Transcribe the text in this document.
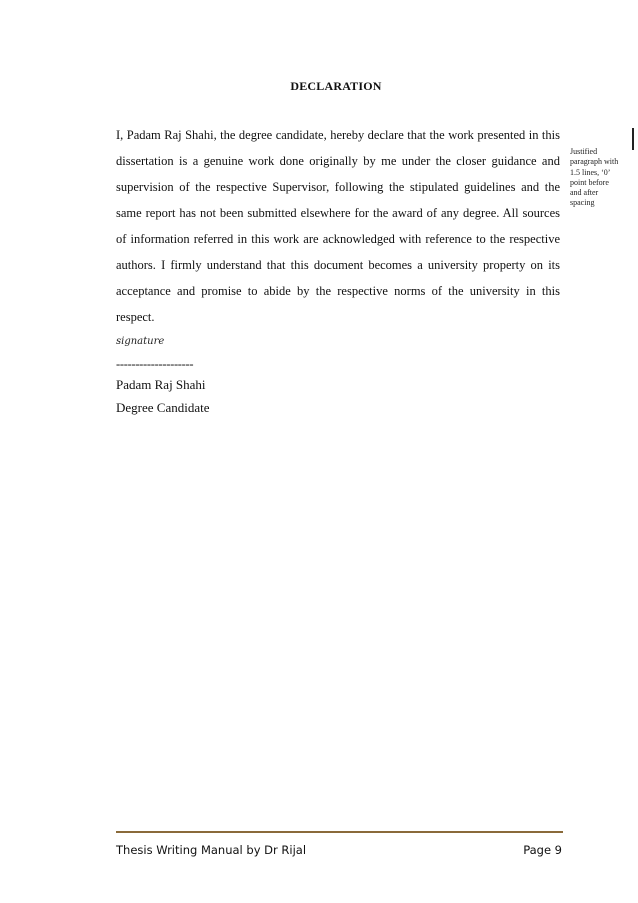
DECLARATION

I, Padam Raj Shahi, the degree candidate, hereby declare that the work presented in this dissertation is a genuine work done originally by me under the closer guidance and supervision of the respective Supervisor, following the stipulated guidelines and the same report has not been submitted elsewhere for the award of any degree. All sources of information referred in this work are acknowledged with reference to the respective authors. I firmly understand that this document becomes a university property on its acceptance and promise to abide by the respective norms of the university in this respect.

signature
--------------------
Padam Raj Shahi
Degree Candidate
Justified paragraph with 1.5 lines, ‘0’ point before and after spacing
Thesis Writing Manual by Dr Rijal	Page 9
